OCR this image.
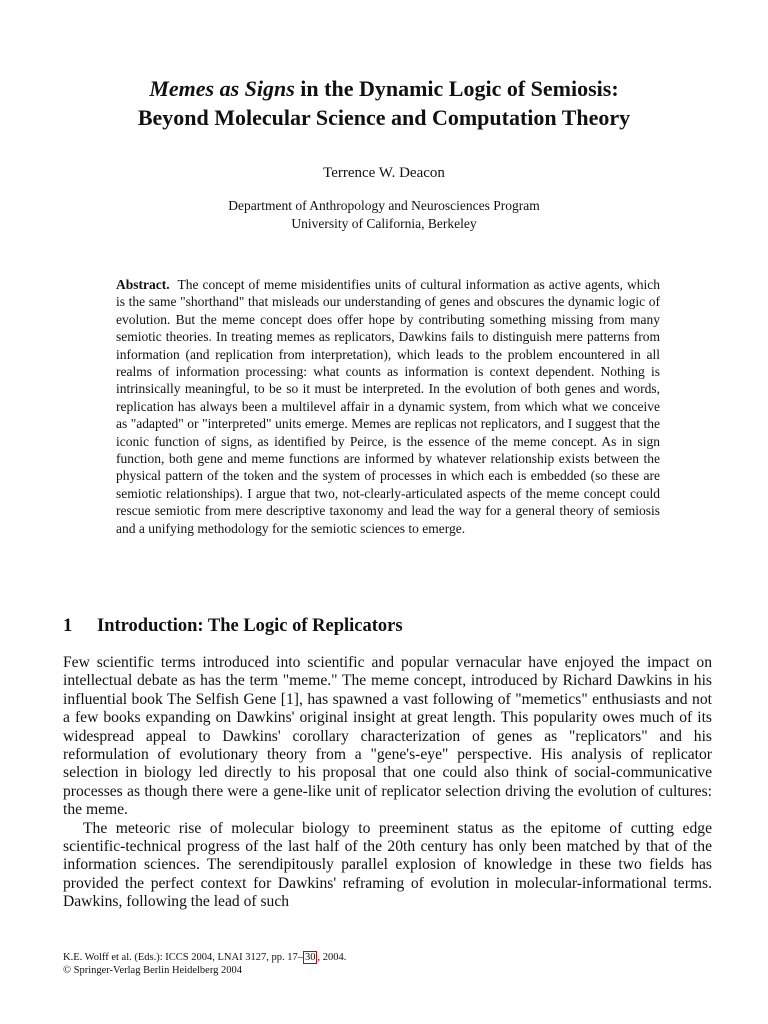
Memes as Signs in the Dynamic Logic of Semiosis:
Beyond Molecular Science and Computation Theory
Terrence W. Deacon
Department of Anthropology and Neurosciences Program
University of California, Berkeley

Abstract. The concept of meme misidentifies units of cultural information as active agents, which is the same "shorthand" that misleads our understanding of genes and obscures the dynamic logic of evolution. But the meme concept does offer hope by contributing something missing from many semiotic theories. In treating memes as replicators, Dawkins fails to distinguish mere patterns from information (and replication from interpretation), which leads to the problem encountered in all realms of information processing: what counts as information is context dependent. Nothing is intrinsically meaningful, to be so it must be interpreted. In the evolution of both genes and words, replication has always been a multilevel affair in a dynamic system, from which what we conceive as "adapted" or "interpreted" units emerge. Memes are replicas not replicators, and I suggest that the iconic function of signs, as identified by Peirce, is the essence of the meme concept. As in sign function, both gene and meme functions are informed by whatever relationship exists between the physical pattern of the token and the system of processes in which each is embedded (so these are semiotic relationships). I argue that two, not-clearly-articulated aspects of the meme concept could rescue semiotic from mere descriptive taxonomy and lead the way for a general theory of semiosis and a unifying methodology for the semiotic sciences to emerge.

1 Introduction: The Logic of Replicators

Few scientific terms introduced into scientific and popular vernacular have enjoyed the impact on intellectual debate as has the term "meme." The meme concept, introduced by Richard Dawkins in his influential book The Selfish Gene [1], has spawned a vast following of "memetics" enthusiasts and not a few books expanding on Dawkins' original insight at great length. This popularity owes much of its widespread appeal to Dawkins' corollary characterization of genes as "replicators" and his reformulation of evolutionary theory from a "gene's-eye" perspective. His analysis of replicator selection in biology led directly to his proposal that one could also think of social-communicative processes as though there were a gene-like unit of replicator selection driving the evolution of cultures: the meme.

The meteoric rise of molecular biology to preeminent status as the epitome of cutting edge scientific-technical progress of the last half of the 20th century has only been matched by that of the information sciences. The serendipitously parallel explosion of knowledge in these two fields has provided the perfect context for Dawkins' reframing of evolution in molecular-informational terms. Dawkins, following the lead of such

K.E. Wolff et al. (Eds.): ICCS 2004, LNAI 3127, pp. 17– 30 , 2004.
© Springer-Verlag Berlin Heidelberg 2004
